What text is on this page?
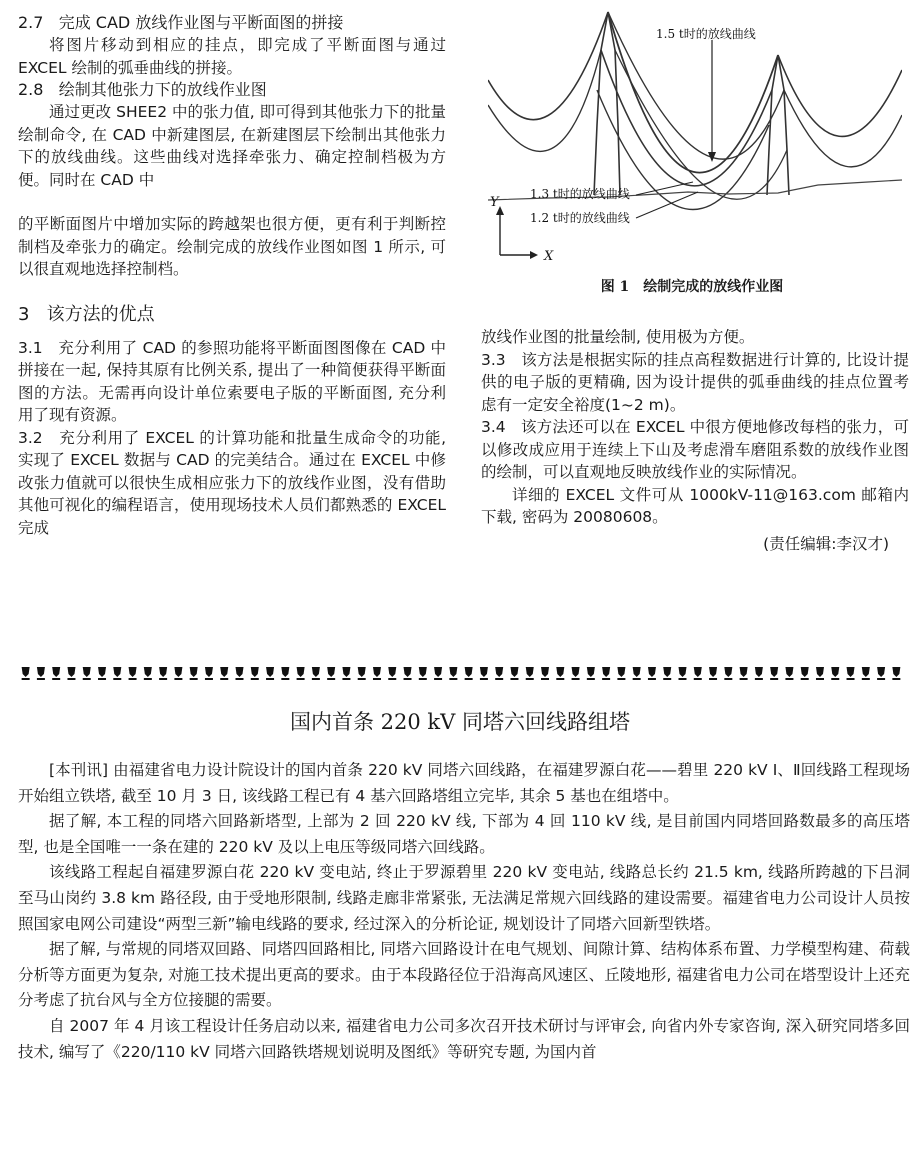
2.7 完成 CAD 放线作业图与平断面图的拼接

将图片移动到相应的挂点，即完成了平断面图与通过 EXCEL 绘制的弧垂曲线的拼接。

2.8 绘制其他张力下的放线作业图

通过更改 SHEE2 中的张力值, 即可得到其他张力下的批量绘制命令, 在 CAD 中新建图层, 在新建图层下绘制出其他张力下的放线曲线。这些曲线对选择牵张力、确定控制档极为方便。同时在 CAD 中

的平断面图片中增加实际的跨越架也很方便，更有利于判断控制档及牵张力的确定。绘制完成的放线作业图如图 1 所示, 可以很直观地选择控制档。

3 该方法的优点

3.1 充分利用了 CAD 的参照功能将平断面图图像在 CAD 中拼接在一起, 保持其原有比例关系, 提出了一种简便获得平断面图的方法。无需再向设计单位索要电子版的平断面图, 充分利用了现有资源。

3.2 充分利用了 EXCEL 的计算功能和批量生成命令的功能, 实现了 EXCEL 数据与 CAD 的完美结合。通过在 EXCEL 中修改张力值就可以很快生成相应张力下的放线作业图，没有借助其他可视化的编程语言，使用现场技术人员们都熟悉的 EXCEL 完成

1.5 t时的放线曲线
1.3 t时的放线曲线
1.2 t时的放线曲线
Y
X
图 1　绘制完成的放线作业图

放线作业图的批量绘制, 使用极为方便。

3.3 该方法是根据实际的挂点高程数据进行计算的, 比设计提供的电子版的更精确, 因为设计提供的弧垂曲线的挂点位置考虑有一定安全裕度(1~2 m)。

3.4 该方法还可以在 EXCEL 中很方便地修改每档的张力，可以修改成应用于连续上下山及考虑滑车磨阻系数的放线作业图的绘制，可以直观地反映放线作业的实际情况。

详细的 EXCEL 文件可从 1000kV-11@163.com 邮箱内下载, 密码为 20080608。

(责任编辑:李汉才)

国内首条 220 kV 同塔六回线路组塔

[本刊讯] 由福建省电力设计院设计的国内首条 220 kV 同塔六回线路，在福建罗源白花——碧里 220 kV Ⅰ、Ⅱ回线路工程现场开始组立铁塔, 截至 10 月 3 日, 该线路工程已有 4 基六回路塔组立完毕, 其余 5 基也在组塔中。

据了解, 本工程的同塔六回路新塔型, 上部为 2 回 220 kV 线, 下部为 4 回 110 kV 线, 是目前国内同塔回路数最多的高压塔型, 也是全国唯一一条在建的 220 kV 及以上电压等级同塔六回线路。

该线路工程起自福建罗源白花 220 kV 变电站, 终止于罗源碧里 220 kV 变电站, 线路总长约 21.5 km, 线路所跨越的下吕洞至马山岗约 3.8 km 路径段, 由于受地形限制, 线路走廊非常紧张, 无法满足常规六回线路的建设需要。福建省电力公司设计人员按照国家电网公司建设“两型三新”输电线路的要求, 经过深入的分析论证, 规划设计了同塔六回新型铁塔。

据了解, 与常规的同塔双回路、同塔四回路相比, 同塔六回路设计在电气规划、间隙计算、结构体系布置、力学模型构建、荷载分析等方面更为复杂, 对施工技术提出更高的要求。由于本段路径位于沿海高风速区、丘陵地形, 福建省电力公司在塔型设计上还充分考虑了抗台风与全方位接腿的需要。

自 2007 年 4 月该工程设计任务启动以来, 福建省电力公司多次召开技术研讨与评审会, 向省内外专家咨询, 深入研究同塔多回技术, 编写了《220/110 kV 同塔六回路铁塔规划说明及图纸》等研究专题, 为国内首
